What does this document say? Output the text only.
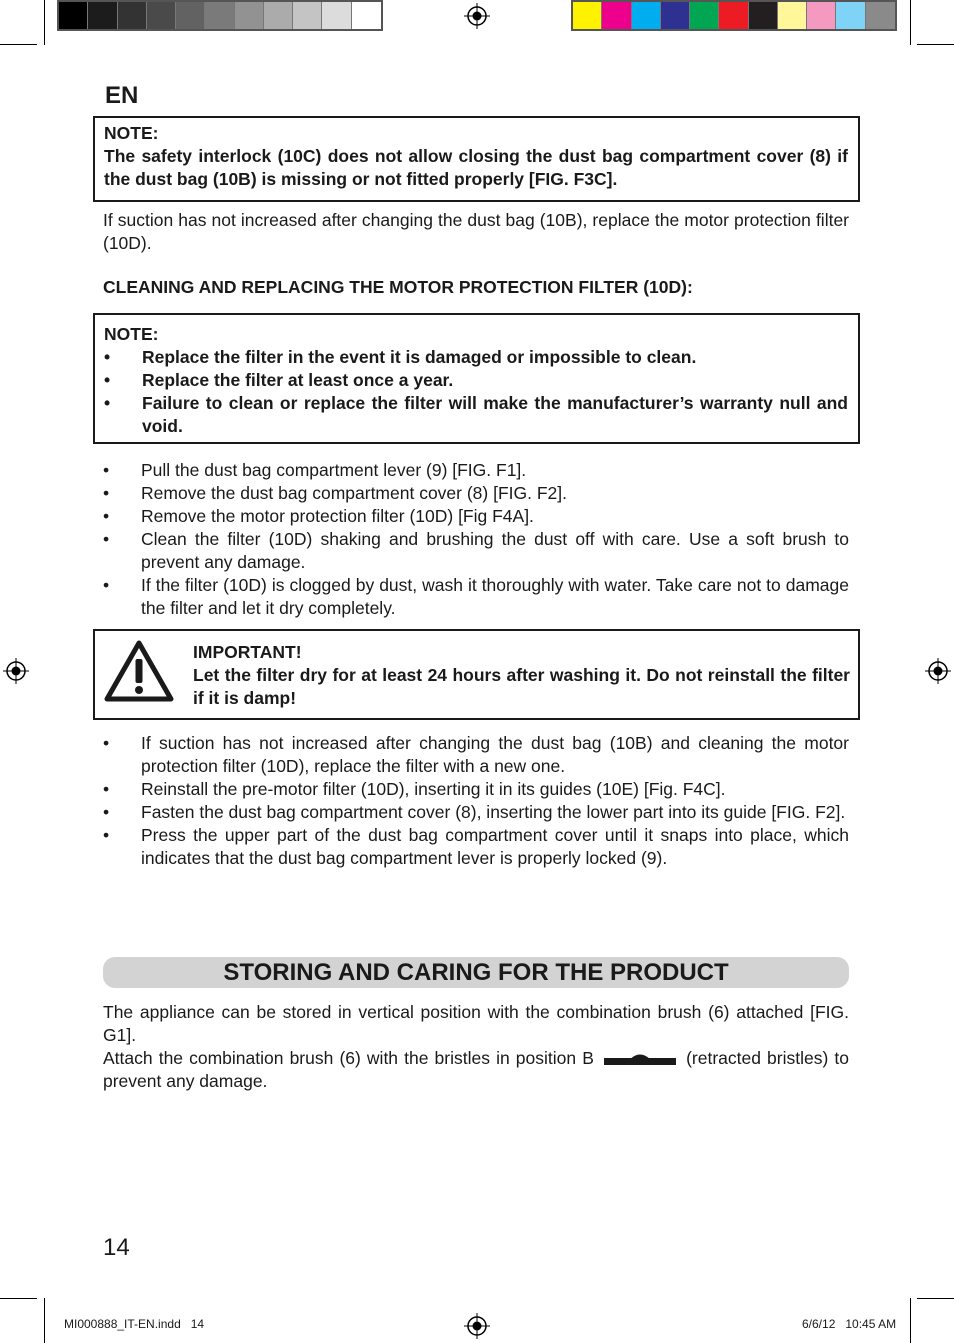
EN
NOTE:
The safety interlock (10C) does not allow closing the dust bag compartment cover (8) if the dust bag (10B) is missing or not fitted properly [FIG. F3C].
If suction has not increased after changing the dust bag (10B), replace the motor protection filter (10D).
CLEANING AND REPLACING THE MOTOR PROTECTION FILTER (10D):
NOTE:
• Replace the filter in the event it is damaged or impossible to clean.
• Replace the filter at least once a year.
• Failure to clean or replace the filter will make the manufacturer’s warranty null and void.
• Pull the dust bag compartment lever (9) [FIG. F1].
• Remove the dust bag compartment cover (8) [FIG. F2].
• Remove the motor protection filter (10D) [Fig F4A].
• Clean the filter (10D) shaking and brushing the dust off with care. Use a soft brush to prevent any damage.
• If the filter (10D) is clogged by dust, wash it thoroughly with water. Take care not to damage the filter and let it dry completely.
IMPORTANT!
Let the filter dry for at least 24 hours after washing it. Do not reinstall the filter if it is damp!
• If suction has not increased after changing the dust bag (10B) and cleaning the motor protection filter (10D), replace the filter with a new one.
• Reinstall the pre-motor filter (10D), inserting it in its guides (10E) [Fig. F4C].
• Fasten the dust bag compartment cover (8), inserting the lower part into its guide [FIG. F2].
• Press the upper part of the dust bag compartment cover until it snaps into place, which indicates that the dust bag compartment lever is properly locked (9).
STORING AND CARING FOR THE PRODUCT
The appliance can be stored in vertical position with the combination brush (6) attached [FIG. G1].
Attach the combination brush (6) with the bristles in position B	(retracted bristles) to prevent any damage.
14
MI000888_IT-EN.indd   14	6/6/12   10:45 AM
